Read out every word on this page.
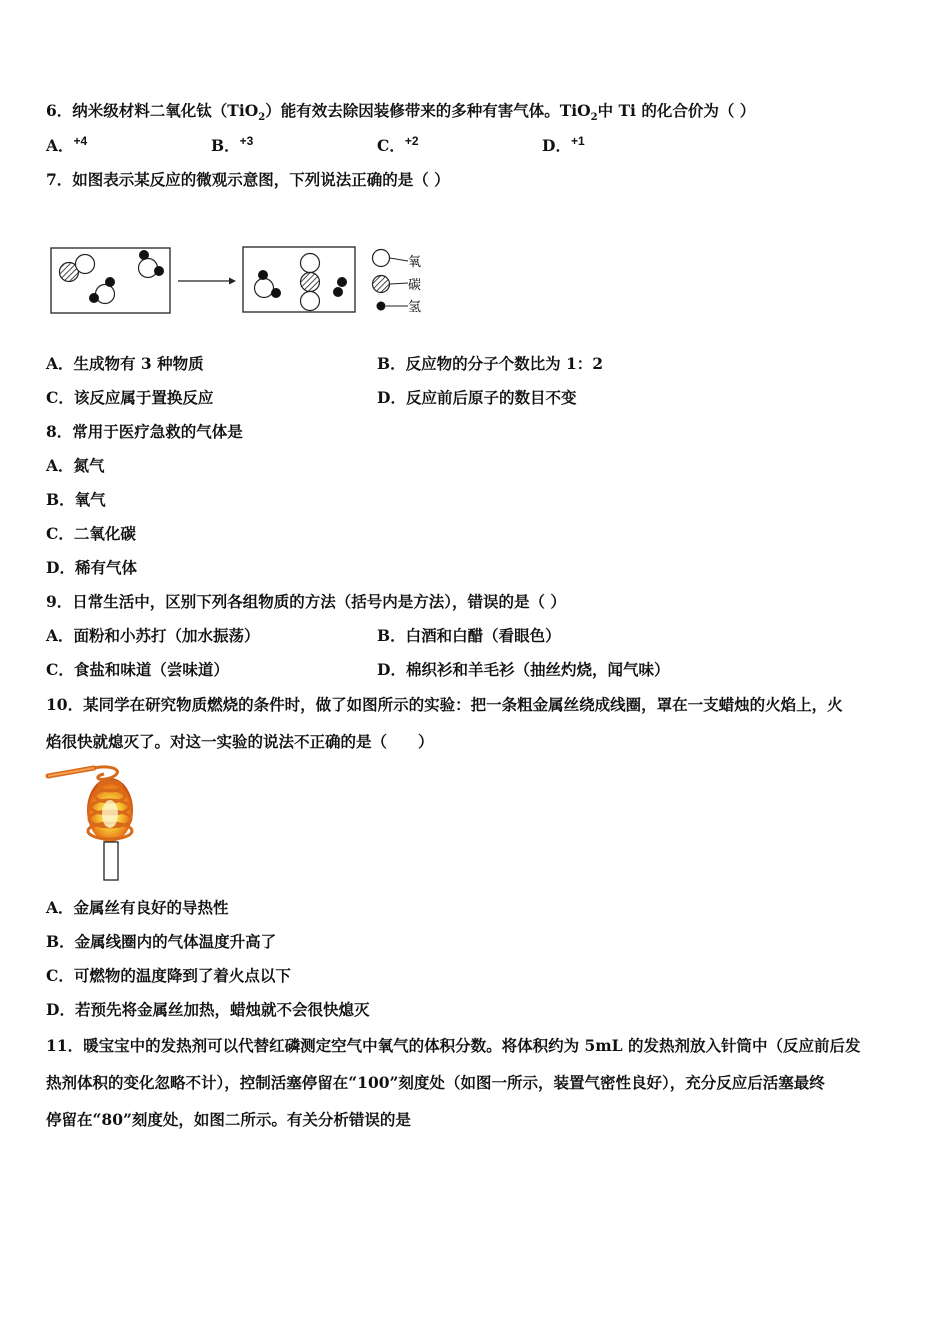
6．纳米级材料二氧化钛（TiO$_2$）能有效去除因装修带来的多种有害气体。TiO$_2$中 Ti 的化合价为（ ）
A．$^{+4}$	B．$^{+3}$	C．$^{+2}$	D．$^{+1}$
7．如图表示某反应的微观示意图，下列说法正确的是（ ）
氧
碳
氢
A．生成物有 3 种物质	B．反应物的分子个数比为 1：2
C．该反应属于置换反应	D．反应前后原子的数目不变
8．常用于医疗急救的气体是
A．氮气
B．氧气
C．二氧化碳
D．稀有气体
9．日常生活中，区别下列各组物质的方法（括号内是方法），错误的是（ ）
A．面粉和小苏打（加水振荡）	B．白酒和白醋（看眼色）
C．食盐和味道（尝味道）	D．棉织衫和羊毛衫（抽丝灼烧，闻气味）
10．某同学在研究物质燃烧的条件时，做了如图所示的实验：把一条粗金属丝绕成线圈，罩在一支蜡烛的火焰上，火
焰很快就熄灭了。对这一实验的说法不正确的是（　　）
A．金属丝有良好的导热性
B．金属线圈内的气体温度升高了
C．可燃物的温度降到了着火点以下
D．若预先将金属丝加热，蜡烛就不会很快熄灭
11．暖宝宝中的发热剂可以代替红磷测定空气中氧气的体积分数。将体积约为 5mL 的发热剂放入针筒中（反应前后发
热剂体积的变化忽略不计），控制活塞停留在“100”刻度处（如图一所示，装置气密性良好），充分反应后活塞最终
停留在“80”刻度处，如图二所示。有关分析错误的是
